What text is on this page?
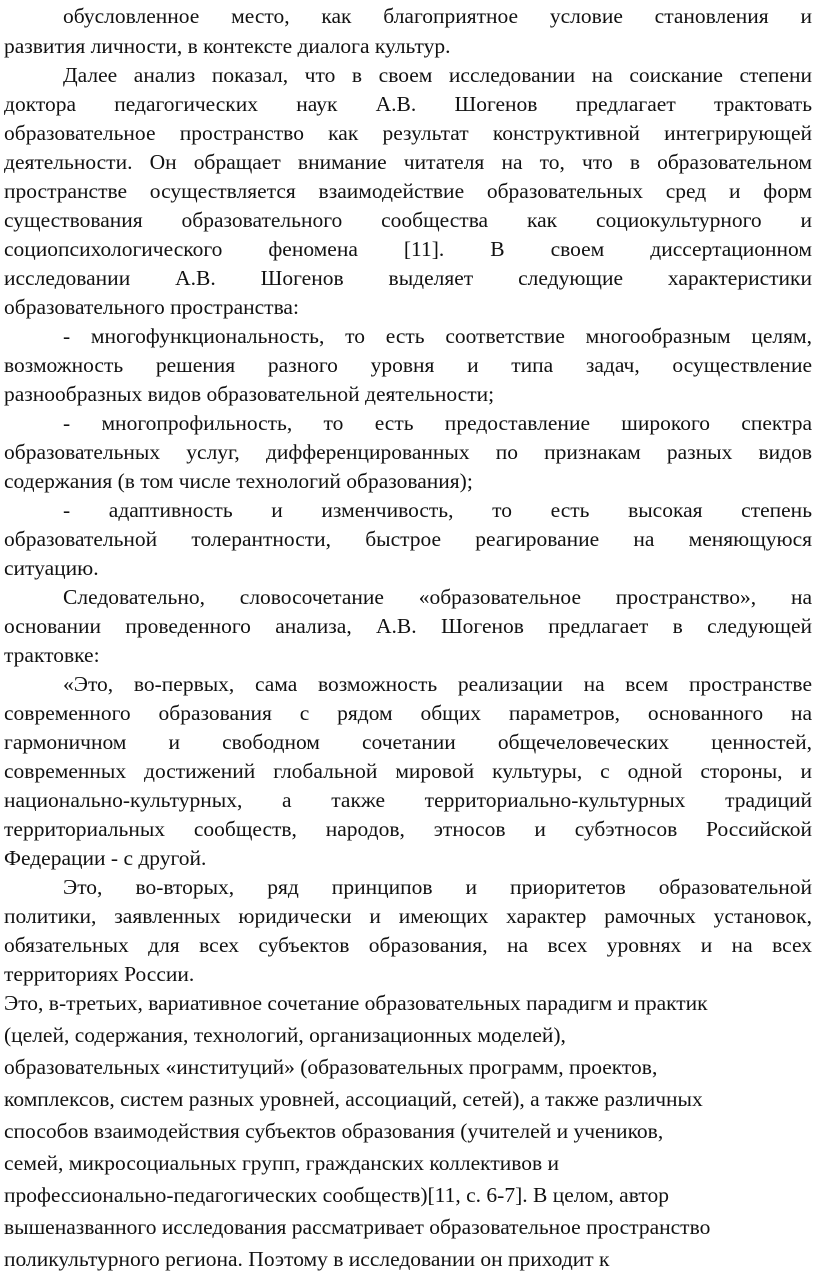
обусловленное место, как благоприятное условие становления и

развития личности, в контексте диалога культур.

Далее анализ показал, что в своем исследовании на соискание степени

доктора педагогических наук А.В. Шогенов предлагает трактовать

образовательное пространство как результат конструктивной интегрирующей

деятельности. Он обращает внимание читателя на то, что в образовательном

пространстве осуществляется взаимодействие образовательных сред и форм

существования образовательного сообщества как социокультурного и

социопсихологического феномена [11]. В своем диссертационном

исследовании А.В. Шогенов выделяет следующие характеристики

образовательного пространства:

- многофункциональность, то есть соответствие многообразным целям,

возможность решения разного уровня и типа задач, осуществление

разнообразных видов образовательной деятельности;

- многопрофильность, то есть предоставление широкого спектра

образовательных услуг, дифференцированных по признакам разных видов

содержания (в том числе технологий образования);

- адаптивность и изменчивость, то есть высокая степень

образовательной толерантности, быстрое реагирование на меняющуюся

ситуацию.

Следовательно, словосочетание «образовательное пространство», на

основании проведенного анализа, А.В. Шогенов предлагает в следующей

трактовке:

«Это, во-первых, сама возможность реализации на всем пространстве

современного образования с рядом общих параметров, основанного на

гармоничном и свободном сочетании общечеловеческих ценностей,

современных достижений глобальной мировой культуры, с одной стороны, и

национально-культурных, а также территориально-культурных традиций

территориальных сообществ, народов, этносов и субэтносов Российской

Федерации - с другой.

Это, во-вторых, ряд принципов и приоритетов образовательной

политики, заявленных юридически и имеющих характер рамочных установок,

обязательных для всех субъектов образования, на всех уровнях и на всех

территориях России.

Это, в-третьих, вариативное сочетание образовательных парадигм и практик

(целей, содержания, технологий, организационных моделей),

образовательных «институций» (образовательных программ, проектов,

комплексов, систем разных уровней, ассоциаций, сетей), а также различных

способов взаимодействия субъектов образования (учителей и учеников,

семей, микросоциальных групп, гражданских коллективов и

профессионально-педагогических сообществ)[11, с. 6-7]. В целом, автор

вышеназванного исследования рассматривает образовательное пространство

поликультурного региона. Поэтому в исследовании он приходит к
